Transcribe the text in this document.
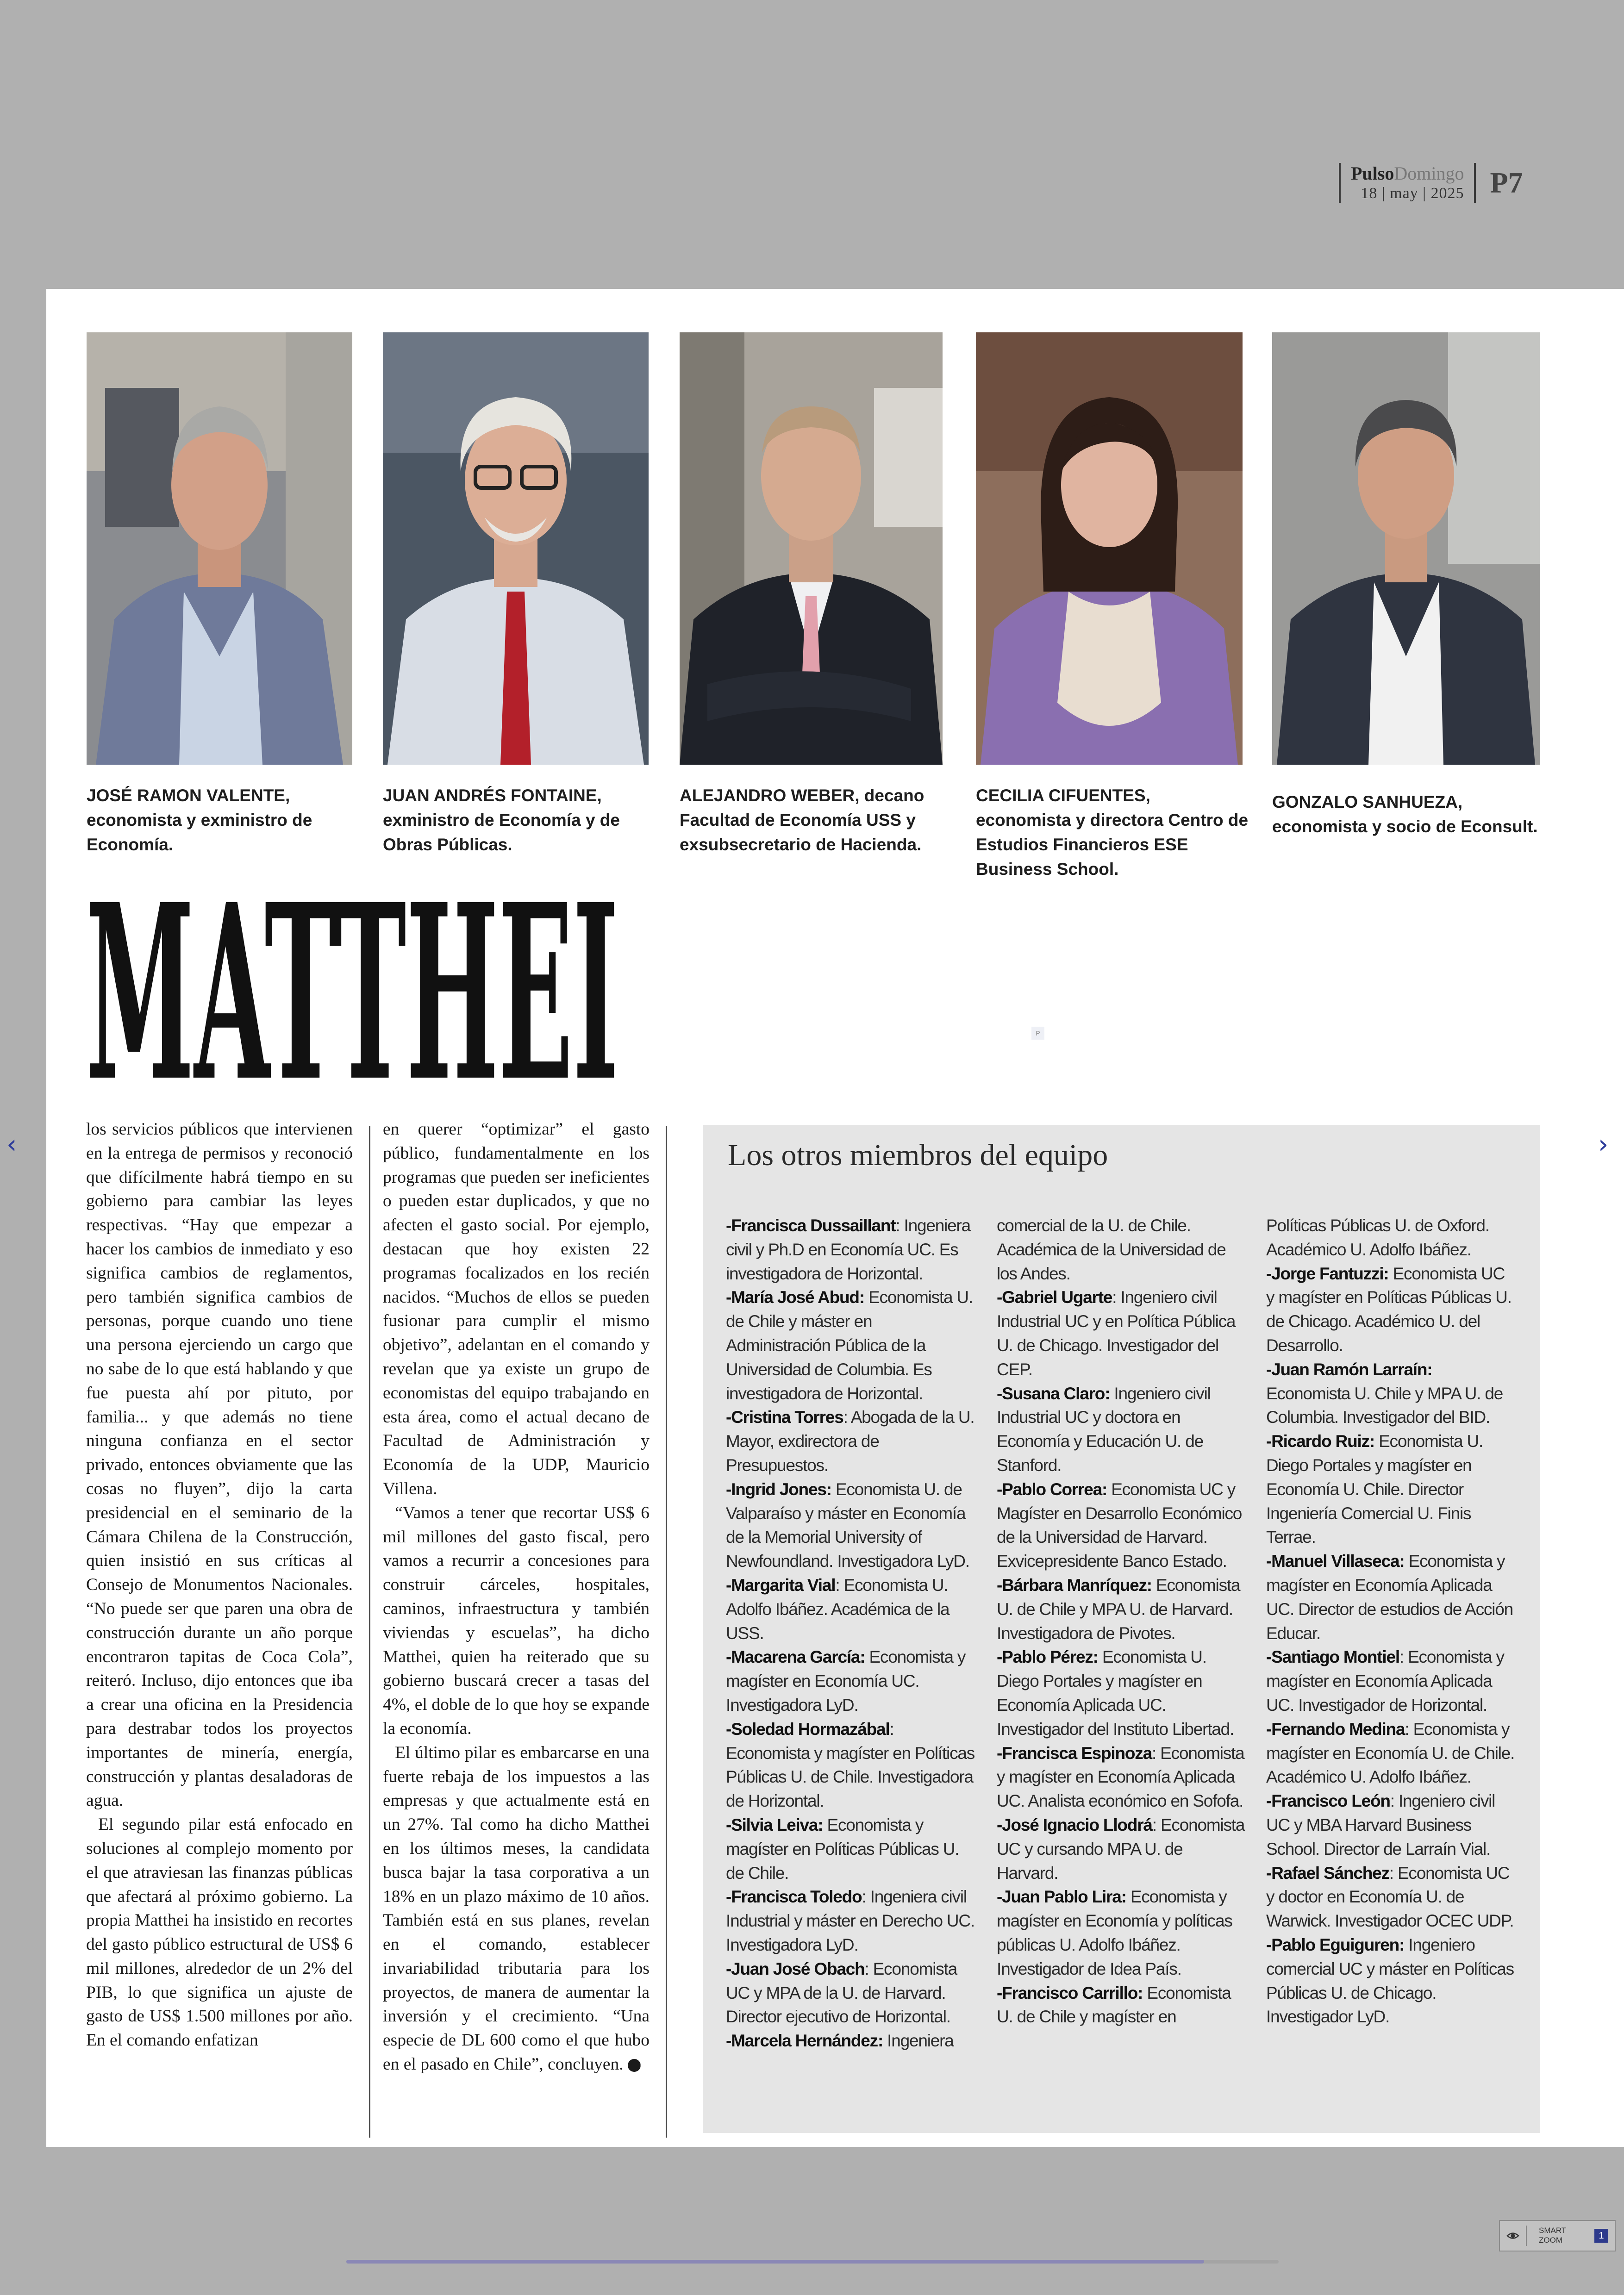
PulsoDomingo
18 | may | 2025 P7
JOSÉ RAMON VALENTE, economista y exministro de Economía.
JUAN ANDRÉS FONTAINE, exministro de Economía y de Obras Públicas.
ALEJANDRO WEBER, decano Facultad de Economía USS y exsubsecretario de Hacienda.
CECILIA CIFUENTES, economista y directora Centro de Estudios Financieros ESE Business School.
GONZALO SANHUEZA, economista y socio de Econsult.
MATTHEI	P

los servicios públicos que intervienen en la entrega de permisos y reconoció que difícilmente habrá tiempo en su gobierno para cambiar las leyes respectivas. “Hay que empezar a hacer los cambios de inmediato y eso significa cambios de reglamentos, pero también significa cambios de personas, porque cuando uno tiene una persona ejerciendo un cargo que no sabe de lo que está hablando y que fue puesta ahí por pituto, por familia... y que además no tiene ninguna confianza en el sector privado, entonces obviamente que las cosas no fluyen”, dijo la carta presidencial en el seminario de la Cámara Chilena de la Construcción, quien insistió en sus críticas al Consejo de Monumentos Nacionales. “No puede ser que paren una obra de construcción durante un año porque encontraron tapitas de Coca Cola”, reiteró. Incluso, dijo entonces que iba a crear una oficina en la Presidencia para destrabar todos los proyectos importantes de minería, energía, construcción y plantas desaladoras de agua.

El segundo pilar está enfocado en soluciones al complejo momento por el que atraviesan las finanzas públicas que afectará al próximo gobierno. La propia Matthei ha insistido en recortes del gasto público estructural de US$ 6 mil millones, alrededor de un 2% del PIB, lo que significa un ajuste de gasto de US$ 1.500 millones por año. En el comando enfatizan

en querer “optimizar” el gasto público, fundamentalmente en los programas que pueden ser ineficientes o pueden estar duplicados, y que no afecten el gasto social. Por ejemplo, destacan que hoy existen 22 programas focalizados en los recién nacidos. “Muchos de ellos se pueden fusionar para cumplir el mismo objetivo”, adelantan en el comando y revelan que ya existe un grupo de economistas del equipo trabajando en esta área, como el actual decano de Facultad de Administración y Economía de la UDP, Mauricio Villena.

“Vamos a tener que recortar US$ 6 mil millones del gasto fiscal, pero vamos a recurrir a concesiones para construir cárceles, hospitales, caminos, infraestructura y también viviendas y escuelas”, ha dicho Matthei, quien ha reiterado que su gobierno buscará crecer a tasas del 4%, el doble de lo que hoy se expande la economía.

El último pilar es embarcarse en una fuerte rebaja de los impuestos a las empresas y que actualmente está en un 27%. Tal como ha dicho Matthei en los últimos meses, la candidata busca bajar la tasa corporativa a un 18% en un plazo máximo de 10 años. También está en sus planes, revelan en el comando, establecer invariabilidad tributaria para los proyectos, de manera de aumentar la inversión y el crecimiento. “Una especie de DL 600 como el que hubo en el pasado en Chile”, concluyen. P

Los otros miembros del equipo

-Francisca Dussaillant: Ingeniera civil y Ph.D en Economía UC. Es investigadora de Horizontal.

-María José Abud: Economista U. de Chile y máster en Administración Pública de la Universidad de Columbia. Es investigadora de Horizontal.

-Cristina Torres: Abogada de la U. Mayor, exdirectora de Presupuestos.

-Ingrid Jones: Economista U. de Valparaíso y máster en Economía de la Memorial University of Newfoundland. Investigadora LyD.

-Margarita Vial: Economista U. Adolfo Ibáñez. Académica de la USS.

-Macarena García: Economista y magíster en Economía UC. Investigadora LyD.

-Soledad Hormazábal: Economista y magíster en Políticas Públicas U. de Chile. Investigadora de Horizontal.

-Silvia Leiva: Economista y magíster en Políticas Públicas U. de Chile.

-Francisca Toledo: Ingeniera civil Industrial y máster en Derecho UC. Investigadora LyD.

-Juan José Obach: Economista UC y MPA de la U. de Harvard. Director ejecutivo de Horizontal.

-Marcela Hernández: Ingeniera

comercial de la U. de Chile. Académica de la Universidad de los Andes.

-Gabriel Ugarte: Ingeniero civil Industrial UC y en Política Pública U. de Chicago. Investigador del CEP.

-Susana Claro: Ingeniero civil Industrial UC y doctora en Economía y Educación U. de Stanford.

-Pablo Correa: Economista UC y Magíster en Desarrollo Económico de la Universidad de Harvard. Exvicepresidente Banco Estado.

-Bárbara Manríquez: Economista U. de Chile y MPA U. de Harvard. Investigadora de Pivotes.

-Pablo Pérez: Economista U. Diego Portales y magíster en Economía Aplicada UC. Investigador del Instituto Libertad.

-Francisca Espinoza: Economista y magíster en Economía Aplicada UC. Analista económico en Sofofa.

-José Ignacio Llodrá: Economista UC y cursando MPA U. de Harvard.

-Juan Pablo Lira: Economista y magíster en Economía y políticas públicas U. Adolfo Ibáñez. Investigador de Idea País.

-Francisco Carrillo: Economista U. de Chile y magíster en

Políticas Públicas U. de Oxford. Académico U. Adolfo Ibáñez.

-Jorge Fantuzzi: Economista UC y magíster en Políticas Públicas U. de Chicago. Académico U. del Desarrollo.

-Juan Ramón Larraín: Economista U. Chile y MPA U. de Columbia. Investigador del BID.

-Ricardo Ruiz: Economista U. Diego Portales y magíster en Economía U. Chile. Director Ingeniería Comercial U. Finis Terrae.

-Manuel Villaseca: Economista y magíster en Economía Aplicada UC. Director de estudios de Acción Educar.

-Santiago Montiel: Economista y magíster en Economía Aplicada UC. Investigador de Horizontal.

-Fernando Medina: Economista y magíster en Economía U. de Chile. Académico U. Adolfo Ibáñez.

-Francisco León: Ingeniero civil UC y MBA Harvard Business School. Director de Larraín Vial.

-Rafael Sánchez: Economista UC y doctor en Economía U. de Warwick. Investigador OCEC UDP.

-Pablo Eguiguren: Ingeniero comercial UC y máster en Políticas Públicas U. de Chicago. Investigador LyD.

‹	›
SMART
ZOOM	1
